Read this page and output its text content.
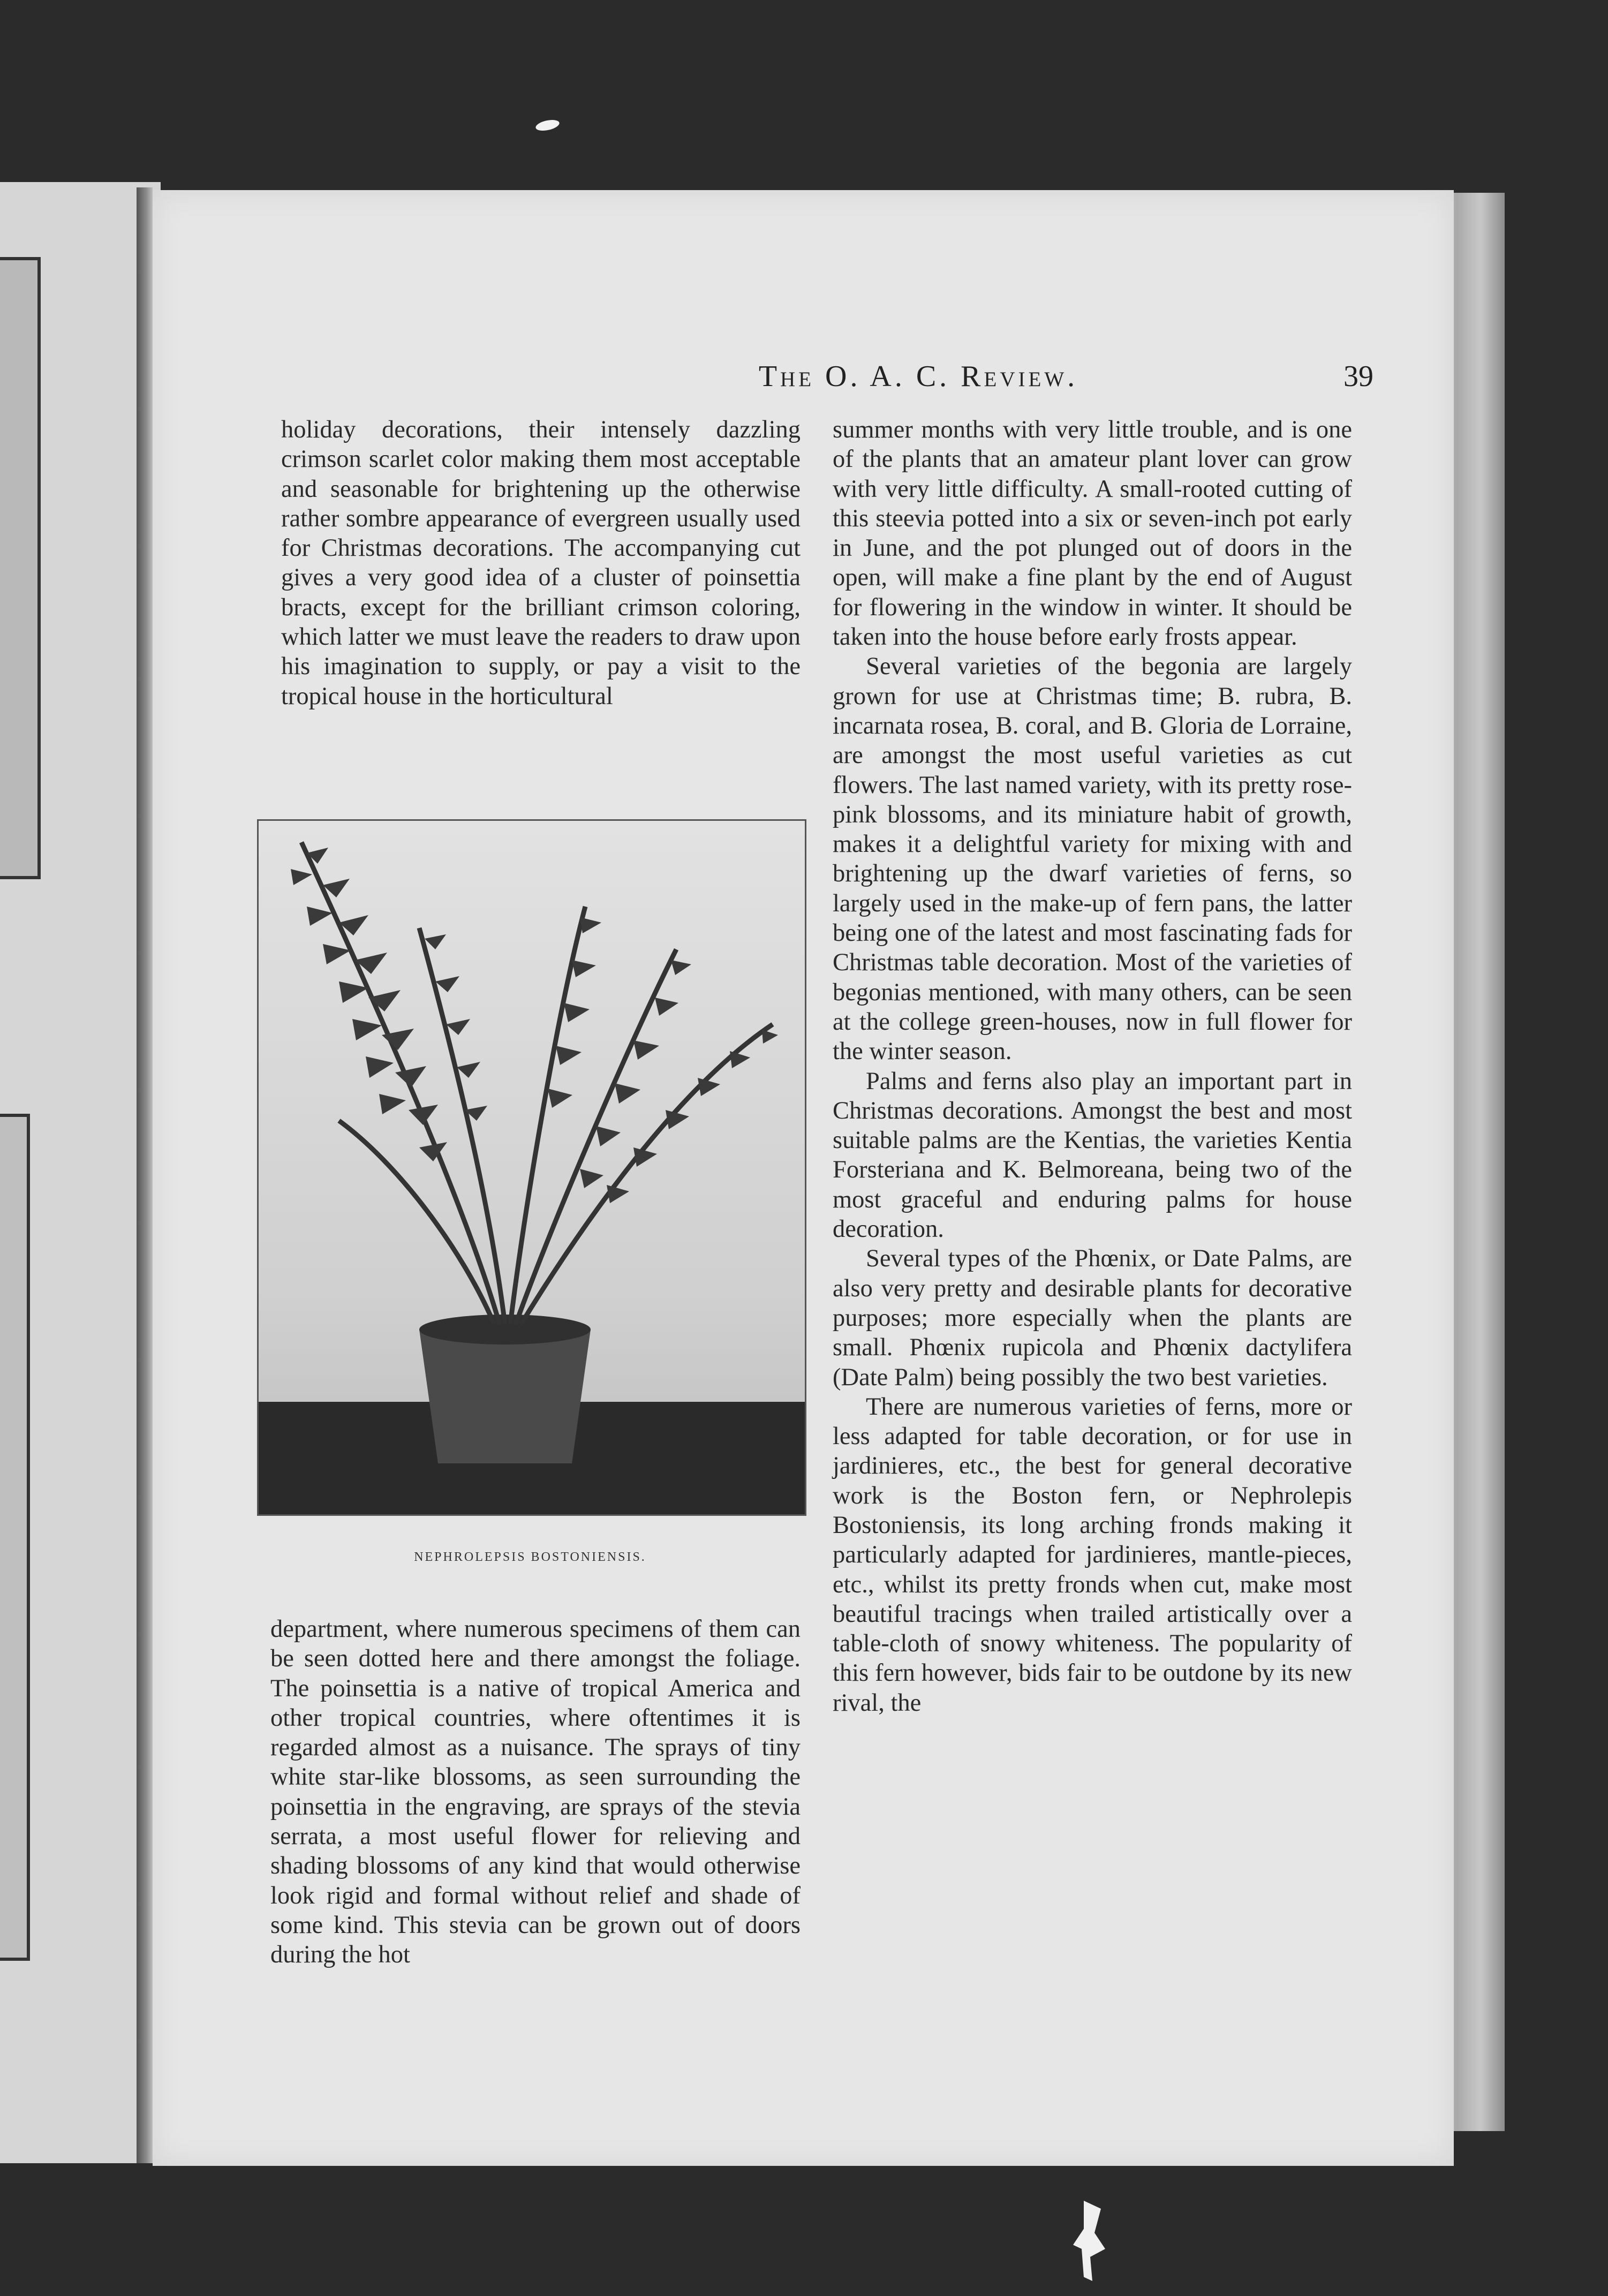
The O. A. C. Review.	39

holiday decorations, their intensely dazzling crimson scarlet color making them most acceptable and seasonable for brightening up the otherwise rather sombre appearance of evergreen usually used for Christmas decorations. The accompanying cut gives a very good idea of a cluster of poinsettia bracts, except for the brilliant crimson coloring, which latter we must leave the readers to draw upon his imagination to supply, or pay a visit to the tropical house in the horticultural

NEPHROLEPSIS BOSTONIENSIS.

department, where numerous specimens of them can be seen dotted here and there amongst the foliage. The poinsettia is a native of tropical America and other tropical countries, where oftentimes it is regarded almost as a nuisance. The sprays of tiny white star-like blossoms, as seen surrounding the poinsettia in the engraving, are sprays of the stevia serrata, a most useful flower for relieving and shading blossoms of any kind that would otherwise look rigid and formal without relief and shade of some kind. This stevia can be grown out of doors during the hot

summer months with very little trouble, and is one of the plants that an amateur plant lover can grow with very little difficulty. A small-rooted cutting of this steevia potted into a six or seven-inch pot early in June, and the pot plunged out of doors in the open, will make a fine plant by the end of August for flowering in the window in winter. It should be taken into the house before early frosts appear.

Several varieties of the begonia are largely grown for use at Christmas time; B. rubra, B. incarnata rosea, B. coral, and B. Gloria de Lorraine, are amongst the most useful varieties as cut flowers. The last named variety, with its pretty rose-pink blossoms, and its miniature habit of growth, makes it a delightful variety for mixing with and brightening up the dwarf varieties of ferns, so largely used in the make-up of fern pans, the latter being one of the latest and most fascinating fads for Christmas table decoration. Most of the varieties of begonias mentioned, with many others, can be seen at the college green-houses, now in full flower for the winter season.

Palms and ferns also play an important part in Christmas decorations. Amongst the best and most suitable palms are the Kentias, the varieties Kentia Forsteriana and K. Belmoreana, being two of the most graceful and enduring palms for house decoration.

Several types of the Phœnix, or Date Palms, are also very pretty and desirable plants for decorative purposes; more especially when the plants are small. Phœnix rupicola and Phœnix dactylifera (Date Palm) being possibly the two best varieties.

There are numerous varieties of ferns, more or less adapted for table decoration, or for use in jardinieres, etc., the best for general decorative work is the Boston fern, or Nephrolepis Bostoniensis, its long arching fronds making it particularly adapted for jardinieres, mantle-pieces, etc., whilst its pretty fronds when cut, make most beautiful tracings when trailed artistically over a table-cloth of snowy whiteness. The popularity of this fern however, bids fair to be outdone by its new rival, the
